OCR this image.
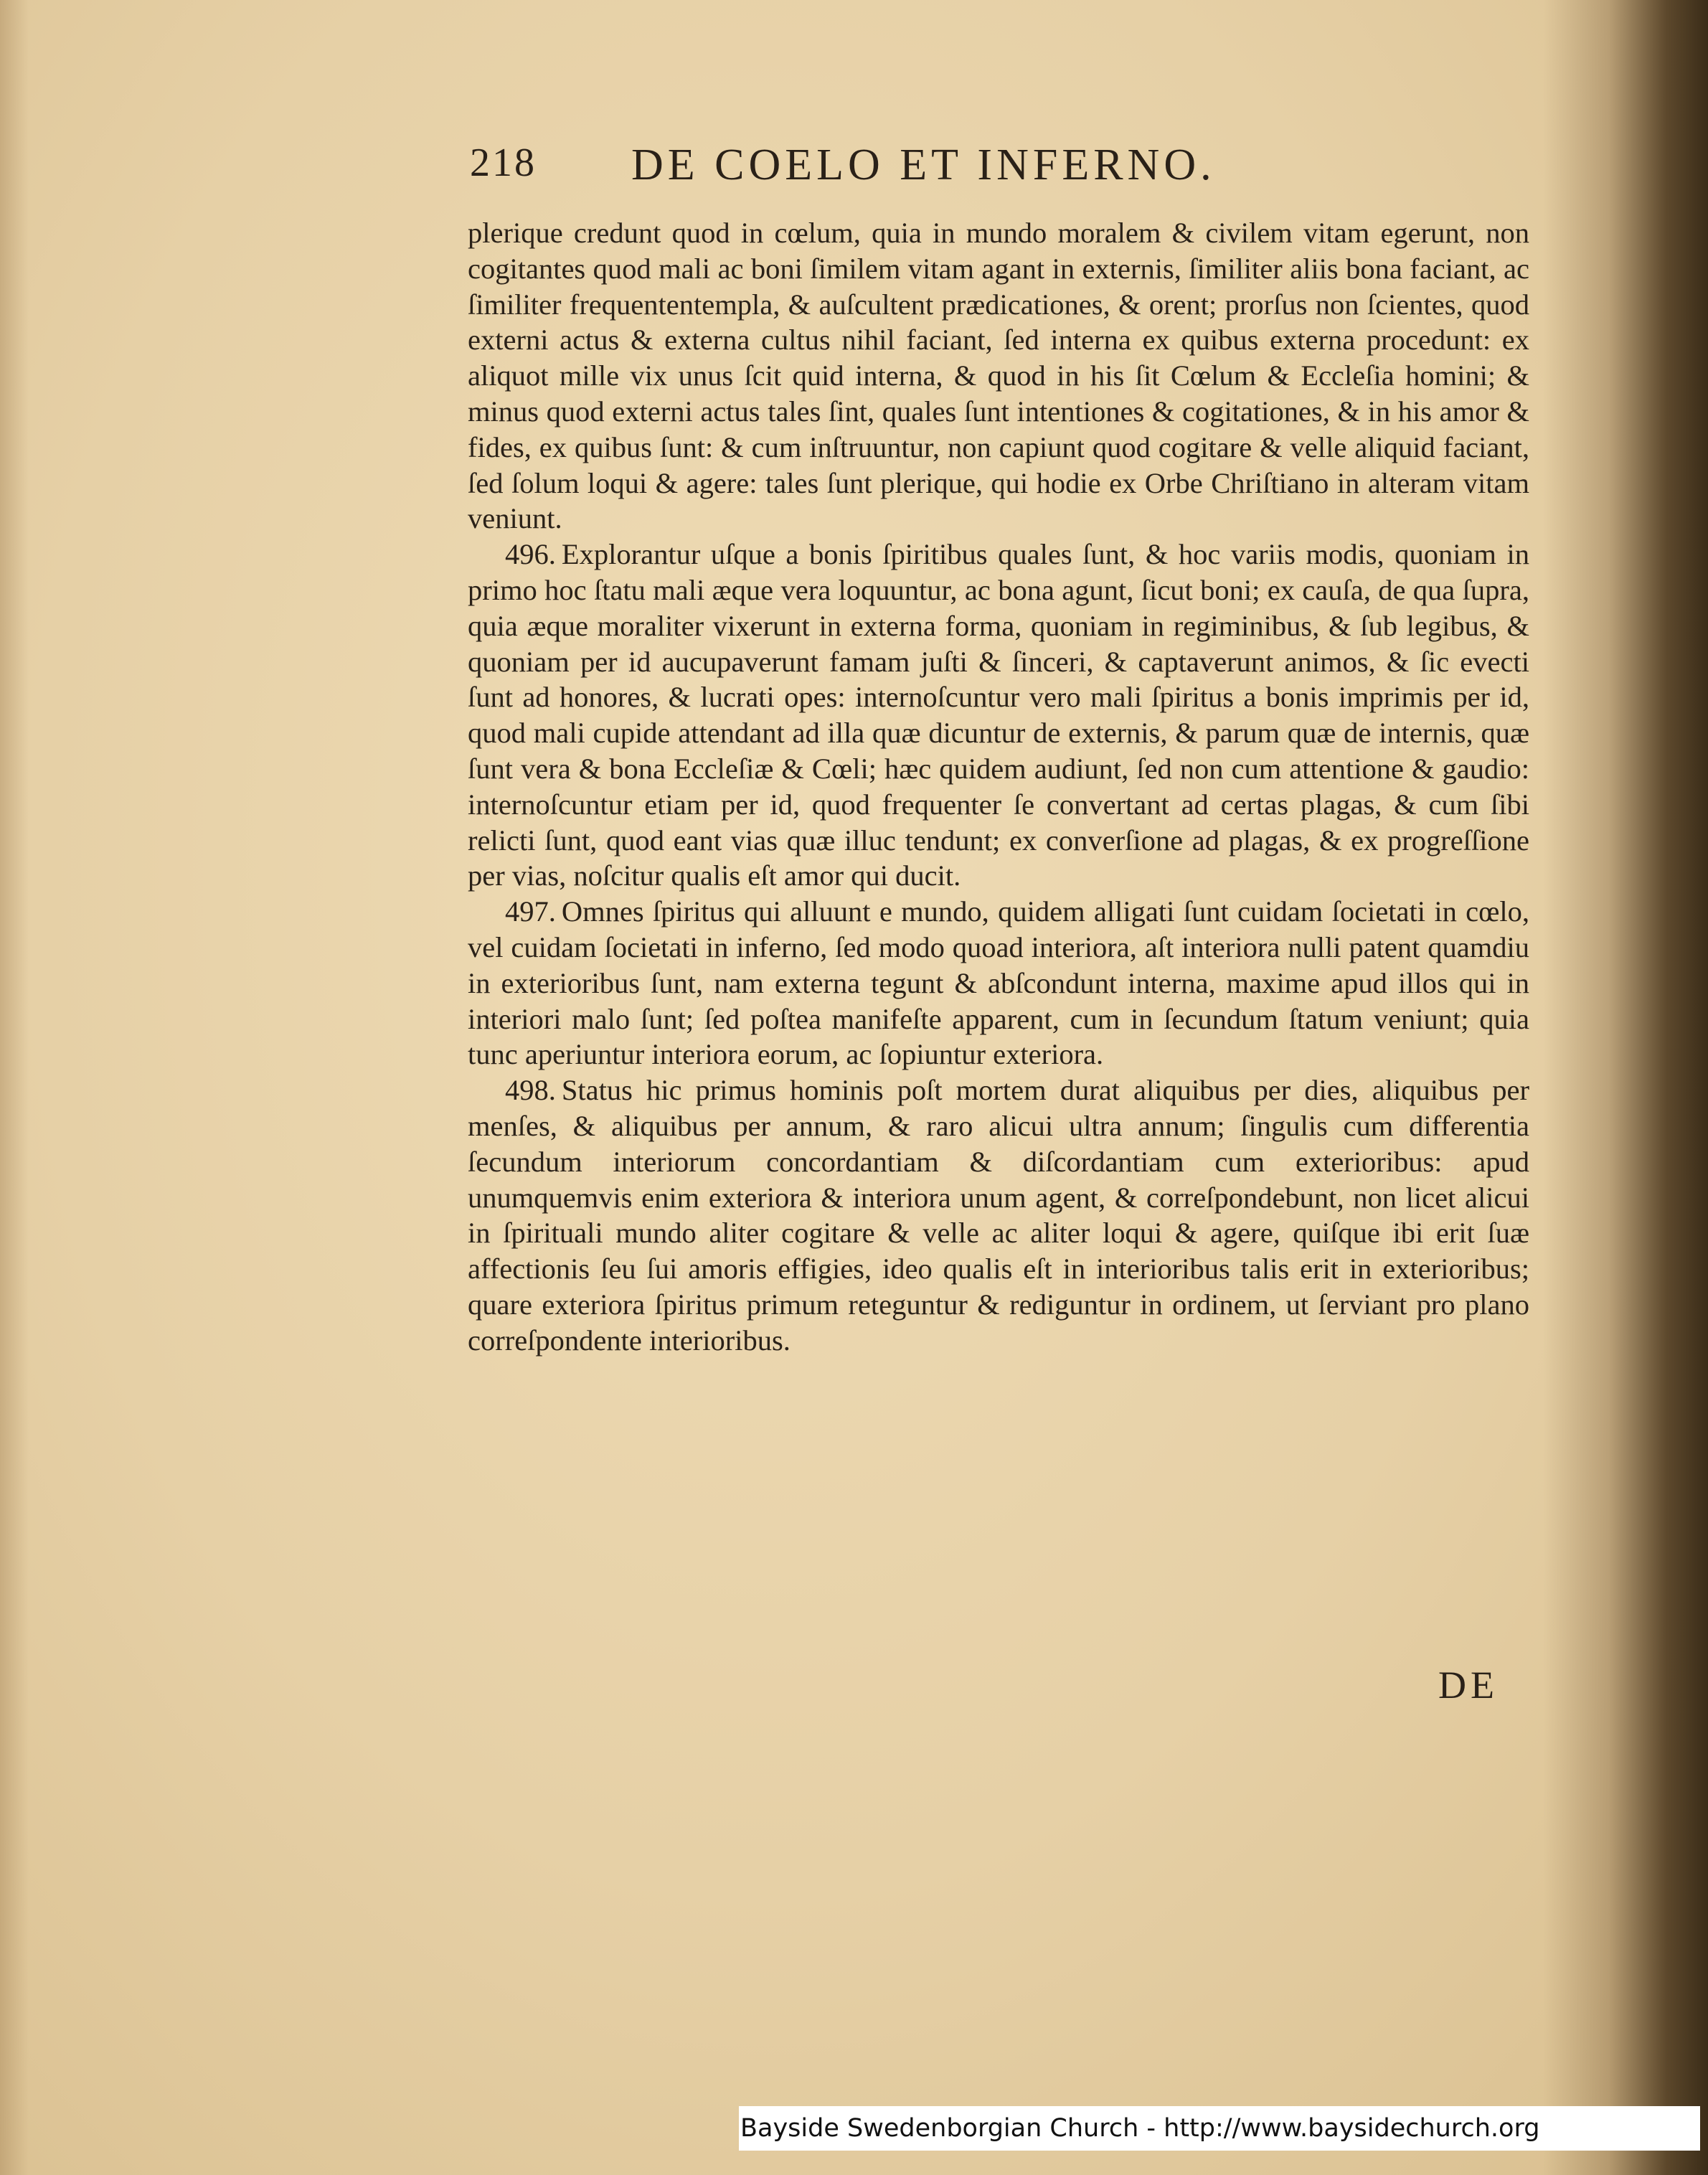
218 DE COELO ET INFERNO.

plerique credunt quod in cœlum, quia in mundo moralem & civilem vitam egerunt, non cogitantes quod mali ac boni ſimilem vitam agant in externis, ſimiliter aliis bona faciant, ac ſimiliter frequententemplа, & auſcultent prædicationes, & orent; prorſus non ſcientes, quod externi actus & externa cultus nihil faciant, ſed interna ex quibus externa procedunt: ex aliquot mille vix unus ſcit quid interna, & quod in his ſit Cœlum & Eccleſia homini; & minus quod externi actus tales ſint, quales ſunt intentiones & cogitationes, & in his amor & fides, ex quibus ſunt: & cum inſtruuntur, non capiunt quod cogitare & velle aliquid faciant, ſed ſolum loqui & agere: tales ſunt plerique, qui hodie ex Orbe Chriſtiano in alteram vitam veniunt.

496. Explorantur uſque a bonis ſpiritibus quales ſunt, & hoc variis modis, quoniam in primo hoc ſtatu mali æque vera loquuntur, ac bona agunt, ſicut boni; ex cauſa, de qua ſupra, quia æque moraliter vixerunt in externa forma, quoniam in regiminibus, & ſub legibus, & quoniam per id aucupaverunt famam juſti & ſinceri, & captaverunt animos, & ſic evecti ſunt ad honores, & lucrati opes: internoſcuntur vero mali ſpiritus a bonis imprimis per id, quod mali cupide attendant ad illa quæ dicuntur de externis, & parum quæ de internis, quæ ſunt vera & bona Eccleſiæ & Cœli; hæc quidem audiunt, ſed non cum attentione & gaudio: internoſcuntur etiam per id, quod frequenter ſe convertant ad certas plagas, & cum ſibi relicti ſunt, quod eant vias quæ illuc tendunt; ex converſione ad plagas, & ex progreſſione per vias, noſcitur qualis eſt amor qui ducit.

497. Omnes ſpiritus qui alluunt e mundo, quidem alligati ſunt cuidam ſocietati in cœlo, vel cuidam ſocietati in inferno, ſed modo quoad interiora, aſt interiora nulli patent quamdiu in exterioribus ſunt, nam externa tegunt & abſcondunt interna, maxime apud illos qui in interiori malo ſunt; ſed poſtea manifeſte apparent, cum in ſecundum ſtatum veniunt; quia tunc aperiuntur interiora eorum, ac ſopiuntur exteriora.

498. Status hic primus hominis poſt mortem durat aliquibus per dies, aliquibus per menſes, & aliquibus per annum, & raro alicui ultra annum; ſingulis cum differentia ſecundum interiorum concordantiam & diſcordantiam cum exterioribus: apud unumquemvis enim exteriora & interiora unum agent, & correſpondebunt, non licet alicui in ſpirituali mundo aliter cogitare & velle ac aliter loqui & agere, quiſque ibi erit ſuæ affectionis ſeu ſui amoris effigies, ideo qualis eſt in interioribus talis erit in exterioribus; quare exteriora ſpiritus primum reteguntur & rediguntur in ordinem, ut ſerviant pro plano correſpondente interioribus.

DE
Bayside Swedenborgian Church - http://www.baysidechurch.org
